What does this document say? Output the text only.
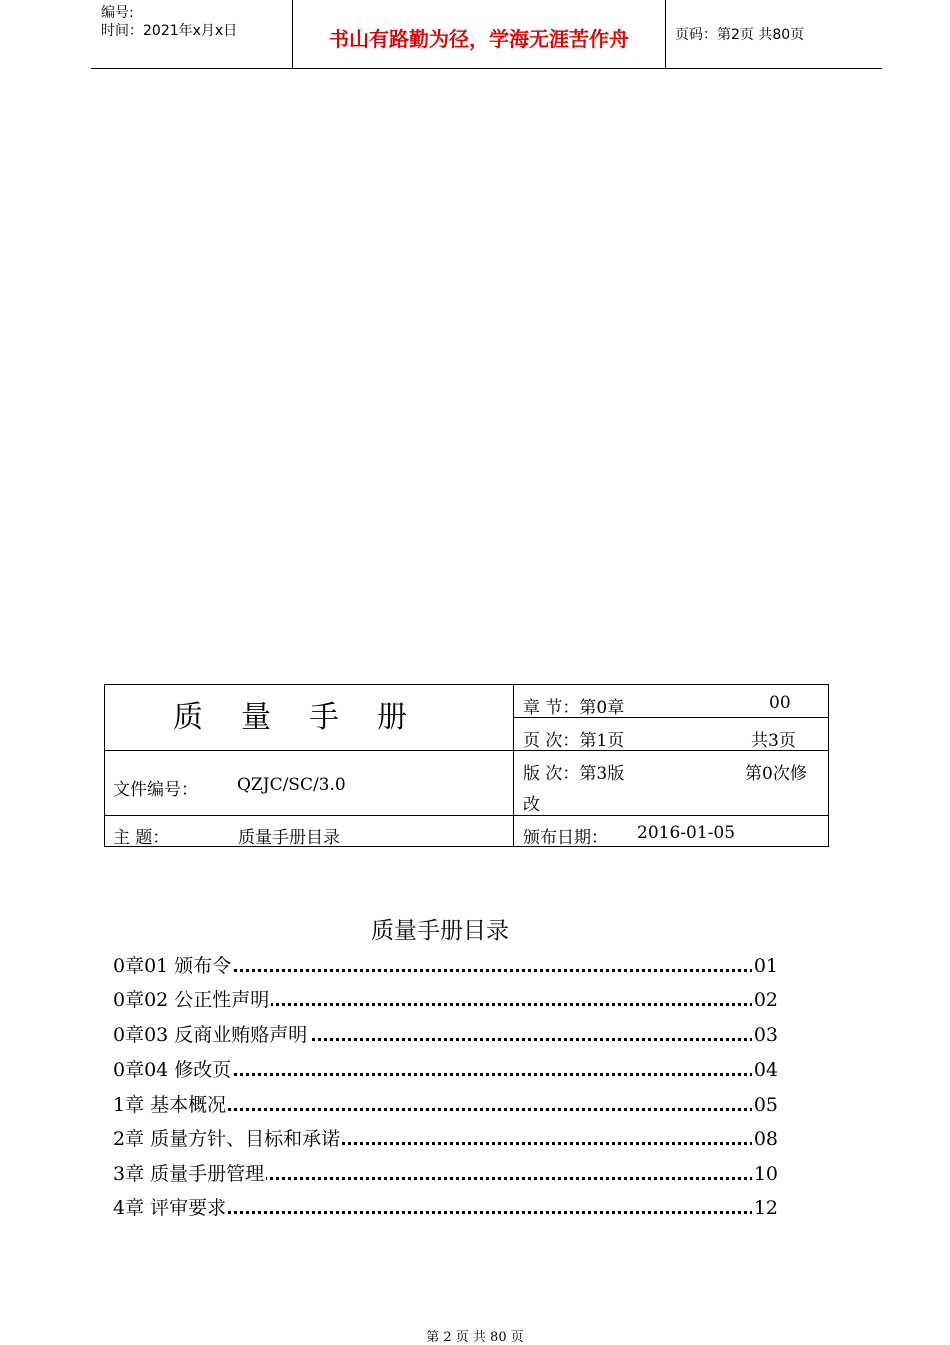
编号:
时间：2021年x月x日	书山有路勤为径，学海无涯苦作舟	页码：第2页 共80页
质量手册	章 节：第0章	00
页 次：第1页	共3页
文件编号： QZJC/SC/3.0
版 次：第3版	第0次修
改
主 题：	质量手册目录	颁布日期： 2016-01-05
质量手册目录
0章01 颁布令	01
0章02 公正性声明	02
0章03 反商业贿赂声明	03
0章04 修改页	04
1章 基本概况	05
2章 质量方针、目标和承诺	08
3章 质量手册管理	10
4章 评审要求	12
第 2 页 共 80 页
